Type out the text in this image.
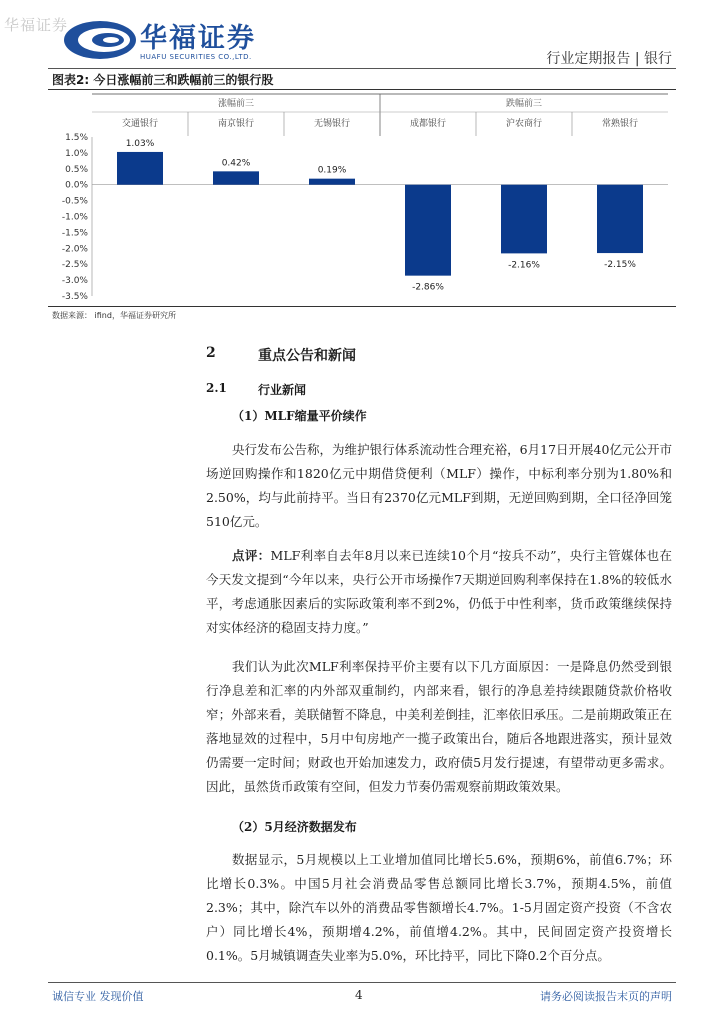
华福证券	华福证券
HUAFU SECURITIES CO.,LTD.	行业定期报告 | 银行
图表2: 今日涨幅前三和跌幅前三的银行股
涨幅前三	跌幅前三
交通银行	南京银行	无锡银行	成都银行	沪农商行	常熟银行
1.5%
1.0%
0.5%
0.0%
-0.5%
-1.0%
-1.5%
-2.0%
-2.5%
-3.0%
-3.5%
1.03%
0.42%
0.19%
-2.86%
-2.16%	-2.15%
数据来源： ifind，华福证券研究所
2	重点公告和新闻
2.1	行业新闻
（1）MLF缩量平价续作
央行发布公告称，为维护银行体系流动性合理充裕，6月17日开展40亿元公开市场逆回购操作和1820亿元中期借贷便利（MLF）操作，中标利率分别为1.80%和2.50%，均与此前持平。当日有2370亿元MLF到期，无逆回购到期，全口径净回笼510亿元。
点评：MLF利率自去年8月以来已连续10个月“按兵不动”，央行主管媒体也在今天发文提到“今年以来，央行公开市场操作7天期逆回购利率保持在1.8%的较低水平，考虑通胀因素后的实际政策利率不到2%，仍低于中性利率，货币政策继续保持对实体经济的稳固支持力度。”
我们认为此次MLF利率保持平价主要有以下几方面原因：一是降息仍然受到银行净息差和汇率的内外部双重制约，内部来看，银行的净息差持续跟随贷款价格收窄；外部来看，美联储暂不降息，中美利差倒挂，汇率依旧承压。二是前期政策正在落地显效的过程中，5月中旬房地产一揽子政策出台，随后各地跟进落实，预计显效仍需要一定时间；财政也开始加速发力，政府债5月发行提速，有望带动更多需求。因此，虽然货币政策有空间，但发力节奏仍需观察前期政策效果。
（2）5月经济数据发布
数据显示，5月规模以上工业增加值同比增长5.6%，预期6%，前值6.7%；环比增长0.3%。中国5月社会消费品零售总额同比增长3.7%，预期4.5%，前值2.3%；其中，除汽车以外的消费品零售额增长4.7%。1-5月固定资产投资（不含农户）同比增长4%，预期增4.2%，前值增4.2%。其中，民间固定资产投资增长0.1%。5月城镇调查失业率为5.0%，环比持平，同比下降0.2个百分点。
诚信专业 发现价值	4	请务必阅读报告末页的声明
